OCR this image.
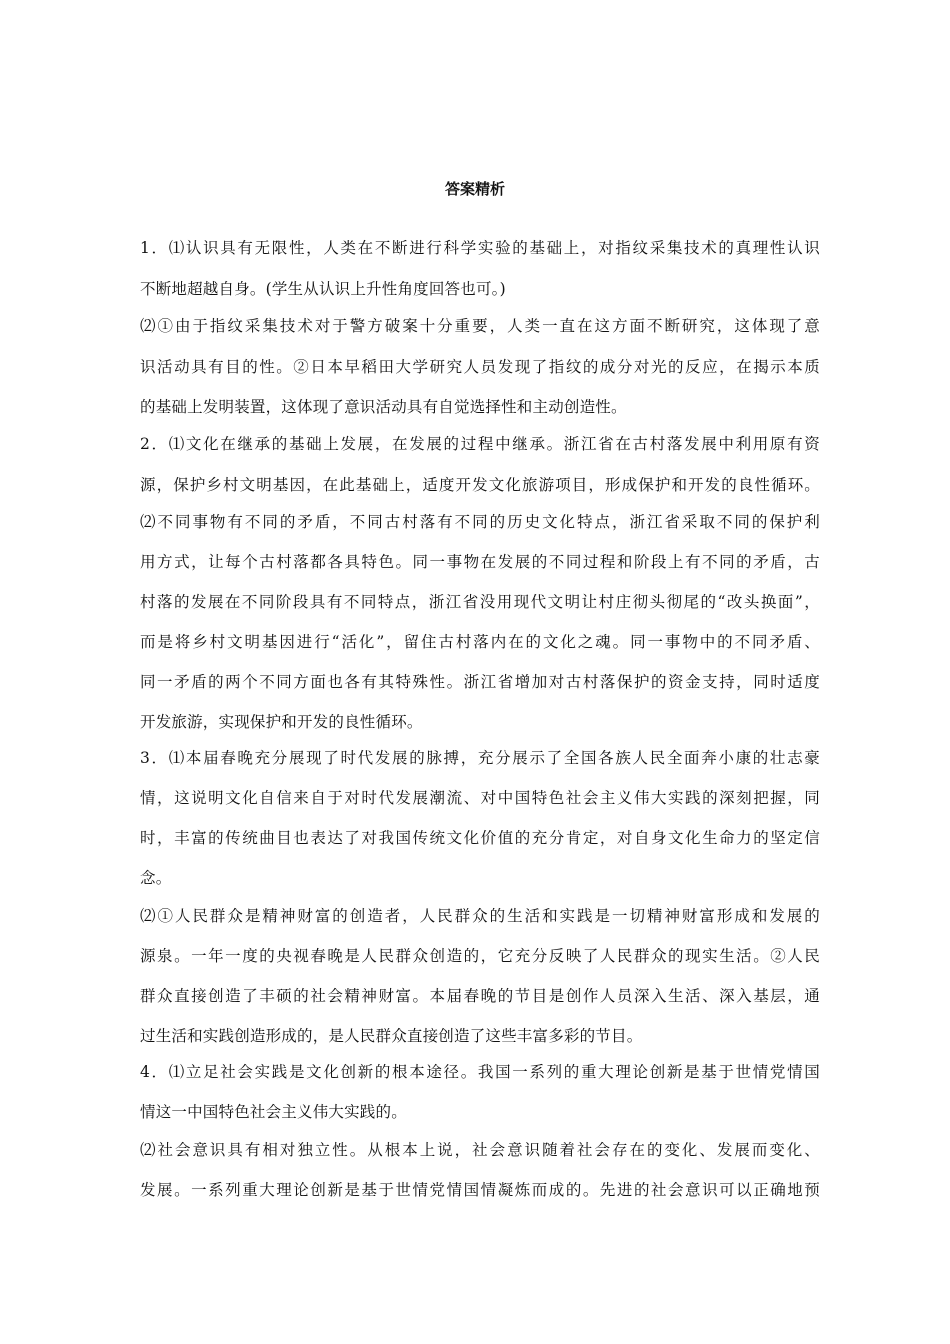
答案精析
1．⑴认识具有无限性，人类在不断进行科学实验的基础上，对指纹采集技术的真理性认识
不断地超越自身。(学生从认识上升性角度回答也可。)
⑵①由于指纹采集技术对于警方破案十分重要，人类一直在这方面不断研究，这体现了意
识活动具有目的性。②日本早稻田大学研究人员发现了指纹的成分对光的反应，在揭示本质
的基础上发明装置，这体现了意识活动具有自觉选择性和主动创造性。
2．⑴文化在继承的基础上发展，在发展的过程中继承。浙江省在古村落发展中利用原有资
源，保护乡村文明基因，在此基础上，适度开发文化旅游项目，形成保护和开发的良性循环。
⑵不同事物有不同的矛盾，不同古村落有不同的历史文化特点，浙江省采取不同的保护利
用方式，让每个古村落都各具特色。同一事物在发展的不同过程和阶段上有不同的矛盾，古
村落的发展在不同阶段具有不同特点，浙江省没用现代文明让村庄彻头彻尾的“改头换面”，
而是将乡村文明基因进行“活化”，留住古村落内在的文化之魂。同一事物中的不同矛盾、
同一矛盾的两个不同方面也各有其特殊性。浙江省增加对古村落保护的资金支持，同时适度
开发旅游，实现保护和开发的良性循环。
3．⑴本届春晚充分展现了时代发展的脉搏，充分展示了全国各族人民全面奔小康的壮志豪
情，这说明文化自信来自于对时代发展潮流、对中国特色社会主义伟大实践的深刻把握，同
时，丰富的传统曲目也表达了对我国传统文化价值的充分肯定，对自身文化生命力的坚定信
念。
⑵①人民群众是精神财富的创造者，人民群众的生活和实践是一切精神财富形成和发展的
源泉。一年一度的央视春晚是人民群众创造的，它充分反映了人民群众的现实生活。②人民
群众直接创造了丰硕的社会精神财富。本届春晚的节目是创作人员深入生活、深入基层，通
过生活和实践创造形成的，是人民群众直接创造了这些丰富多彩的节目。
4．⑴立足社会实践是文化创新的根本途径。我国一系列的重大理论创新是基于世情党情国
情这一中国特色社会主义伟大实践的。
⑵社会意识具有相对独立性。从根本上说，社会意识随着社会存在的变化、发展而变化、
发展。一系列重大理论创新是基于世情党情国情凝炼而成的。先进的社会意识可以正确地预
